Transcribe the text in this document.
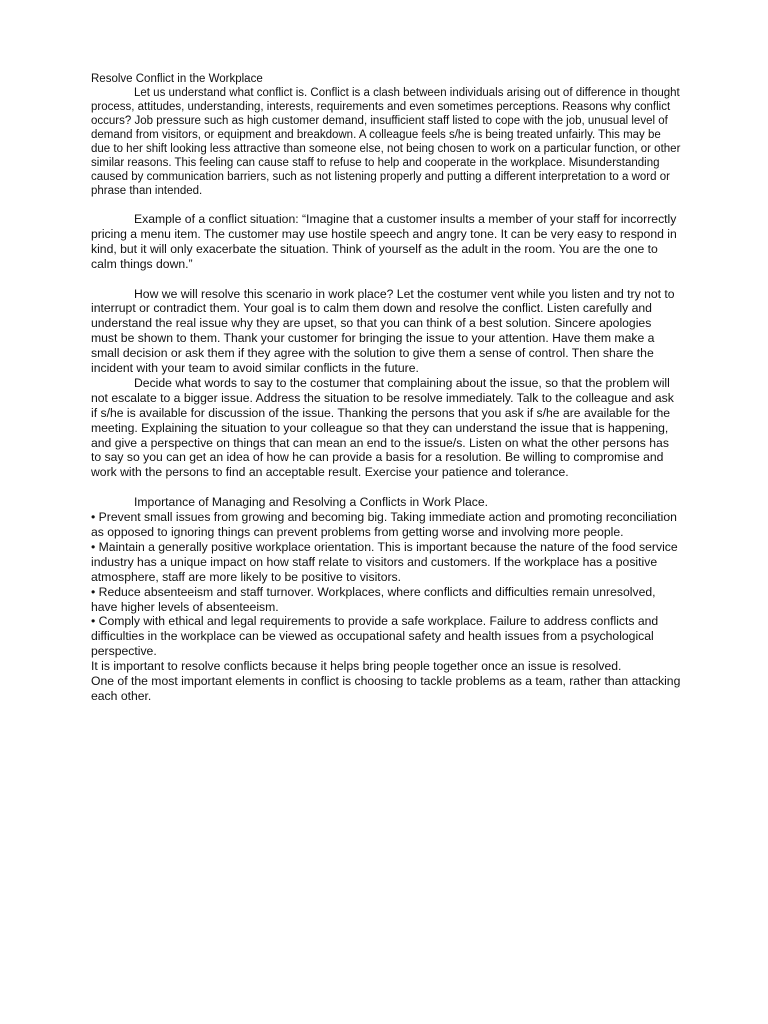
Resolve Conflict in the Workplace

Let us understand what conflict is. Conflict is a clash between individuals arising out of difference in thought process, attitudes, understanding, interests, requirements and even sometimes perceptions. Reasons why conflict occurs? Job pressure such as high customer demand, insufficient staff listed to cope with the job, unusual level of demand from visitors, or equipment and breakdown. A colleague feels s/he is being treated unfairly. This may be due to her shift looking less attractive than someone else, not being chosen to work on a particular function, or other similar reasons. This feeling can cause staff to refuse to help and cooperate in the workplace. Misunderstanding caused by communication barriers, such as not listening properly and putting a different interpretation to a word or phrase than intended.

Example of a conflict situation: “Imagine that a customer insults a member of your staff for incorrectly pricing a menu item. The customer may use hostile speech and angry tone. It can be very easy to respond in kind, but it will only exacerbate the situation. Think of yourself as the adult in the room. You are the one to calm things down.”

How we will resolve this scenario in work place? Let the costumer vent while you listen and try not to interrupt or contradict them. Your goal is to calm them down and resolve the conflict. Listen carefully and understand the real issue why they are upset, so that you can think of a best solution. Sincere apologies must be shown to them. Thank your customer for bringing the issue to your attention. Have them make a small decision or ask them if they agree with the solution to give them a sense of control. Then share the incident with your team to avoid similar conflicts in the future.

Decide what words to say to the costumer that complaining about the issue, so that the problem will not escalate to a bigger issue. Address the situation to be resolve immediately. Talk to the colleague and ask if s/he is available for discussion of the issue. Thanking the persons that you ask if s/he are available for the meeting. Explaining the situation to your colleague so that they can understand the issue that is happening, and give a perspective on things that can mean an end to the issue/s. Listen on what the other persons has to say so you can get an idea of how he can provide a basis for a resolution. Be willing to compromise and work with the persons to find an acceptable result. Exercise your patience and tolerance.

Importance of Managing and Resolving a Conflicts in Work Place.

• Prevent small issues from growing and becoming big. Taking immediate action and promoting reconciliation as opposed to ignoring things can prevent problems from getting worse and involving more people.

• Maintain a generally positive workplace orientation. This is important because the nature of the food service industry has a unique impact on how staff relate to visitors and customers. If the workplace has a positive atmosphere, staff are more likely to be positive to visitors.

• Reduce absenteeism and staff turnover. Workplaces, where conflicts and difficulties remain unresolved, have higher levels of absenteeism.

• Comply with ethical and legal requirements to provide a safe workplace. Failure to address conflicts and difficulties in the workplace can be viewed as occupational safety and health issues from a psychological perspective.

It is important to resolve conflicts because it helps bring people together once an issue is resolved.

One of the most important elements in conflict is choosing to tackle problems as a team, rather than attacking each other.
